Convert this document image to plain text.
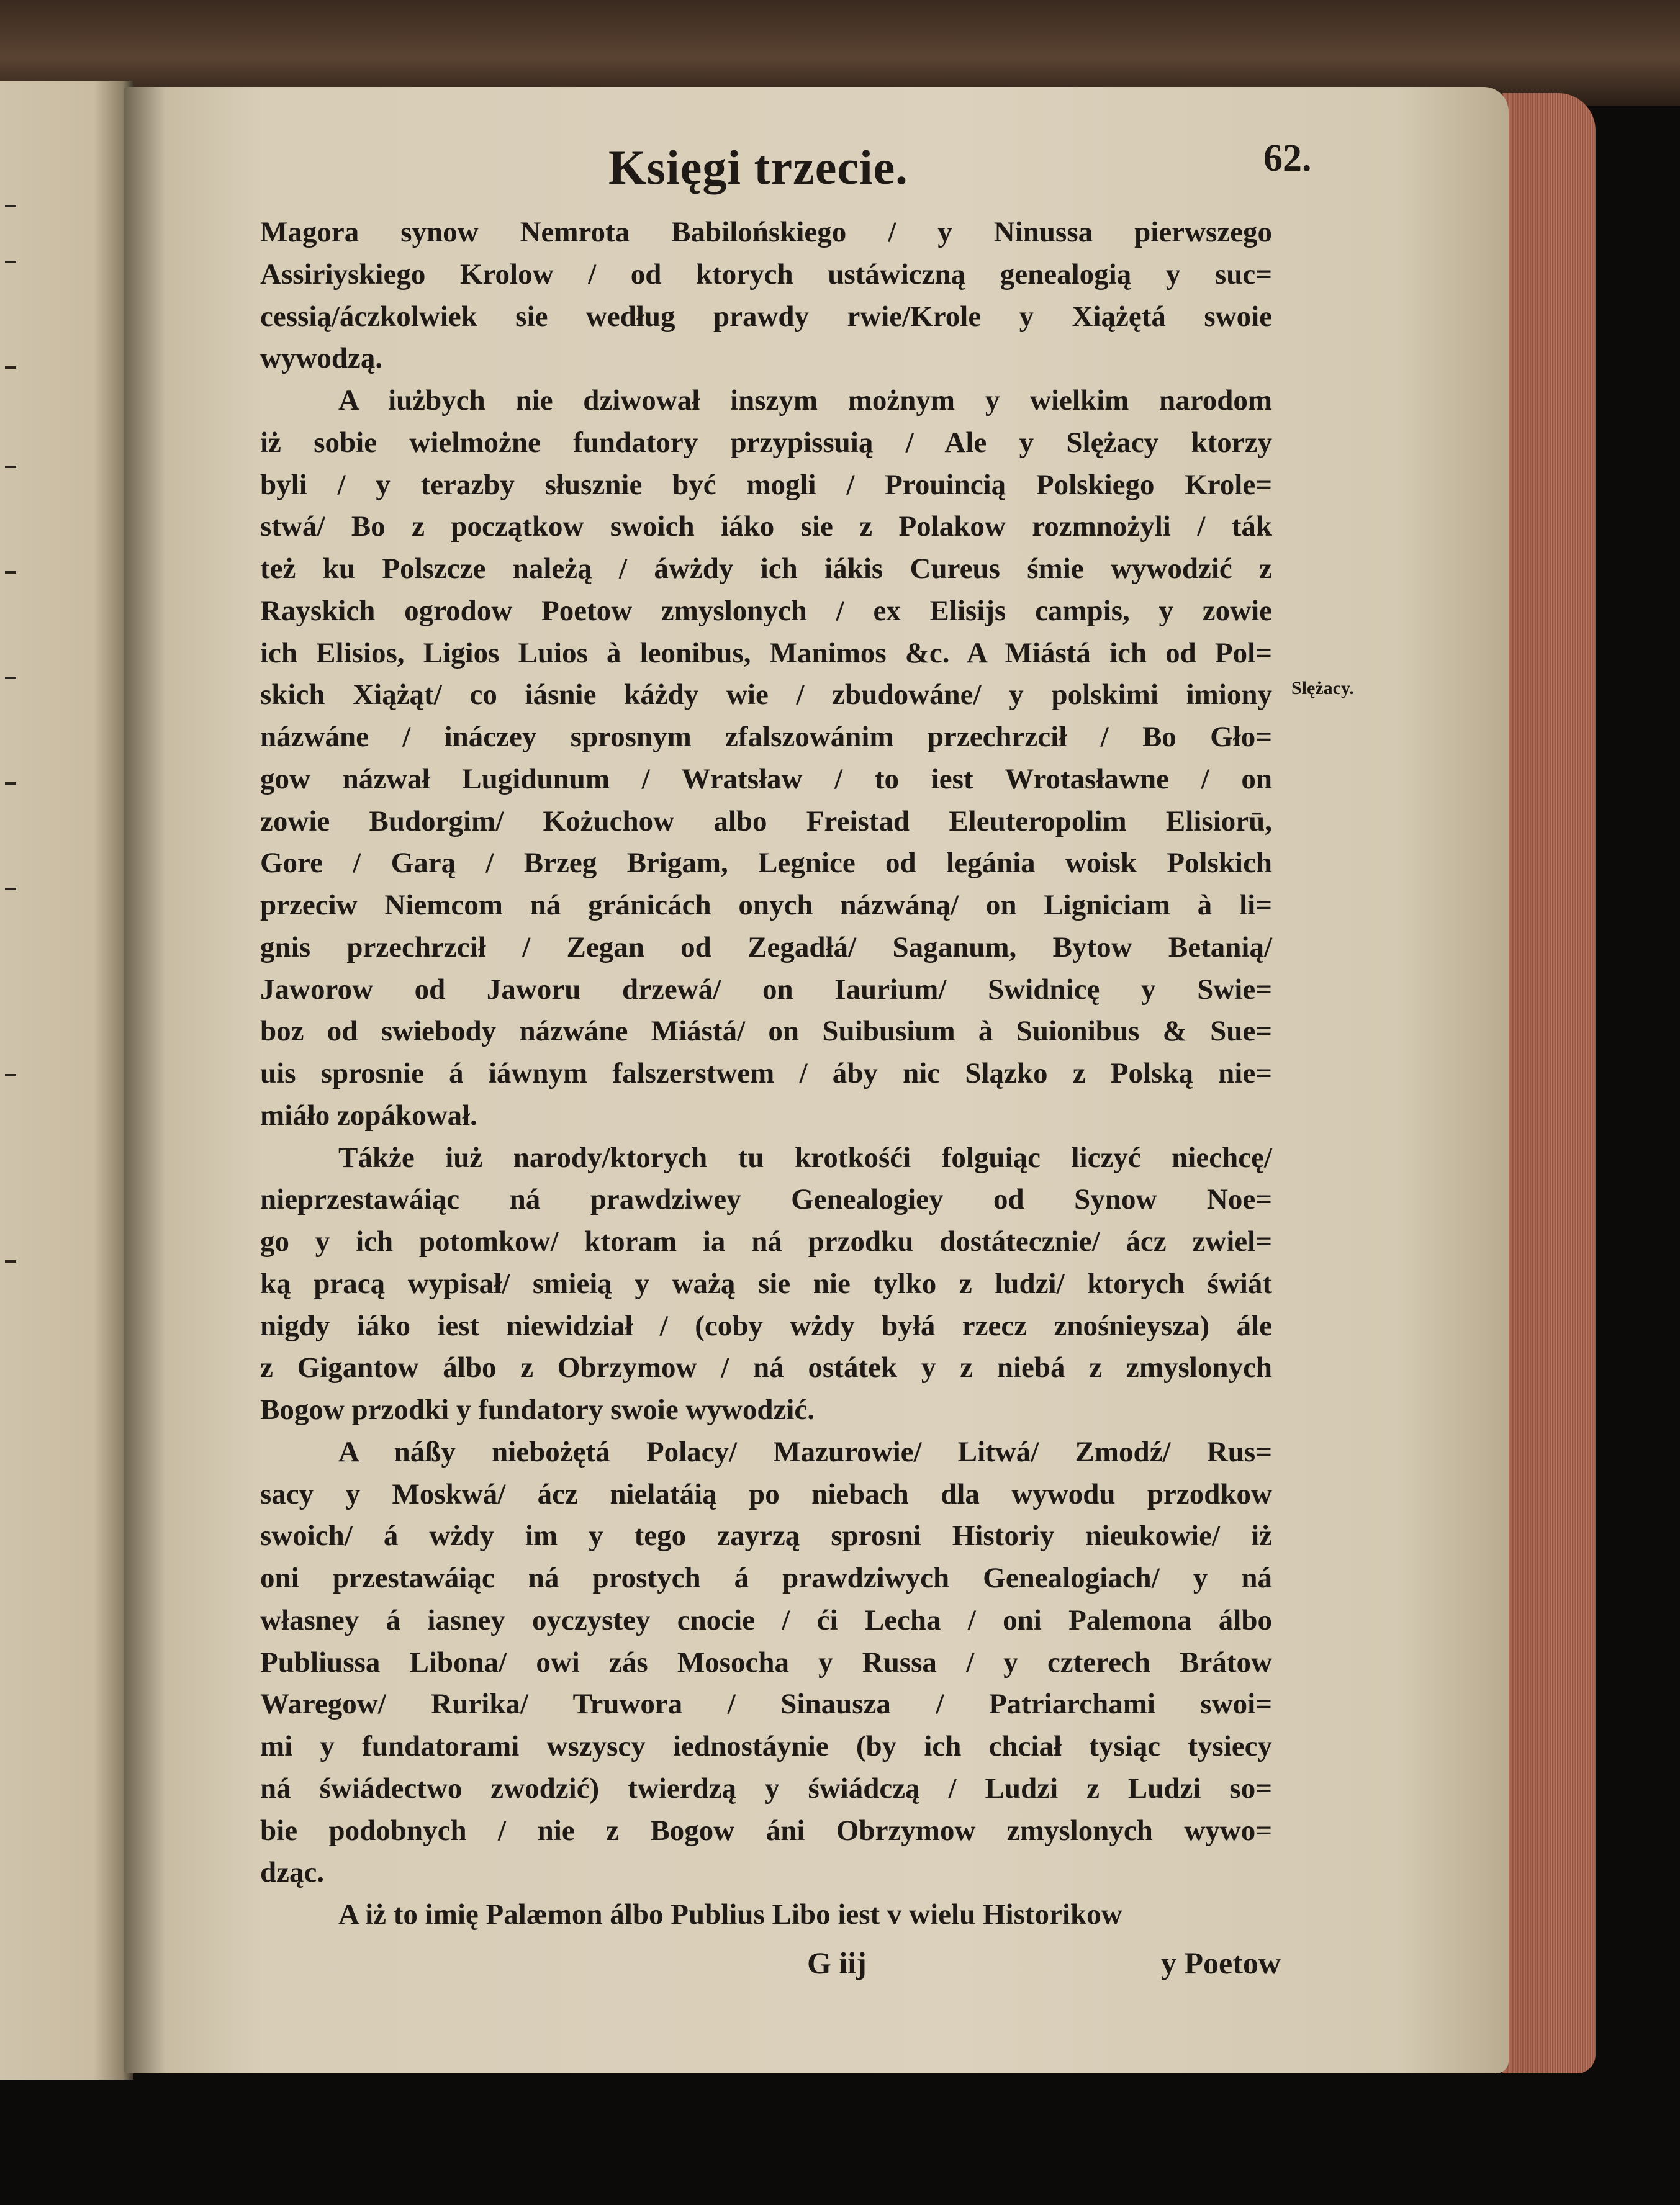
Księgi trzecie.	62.
Slężacy.
Magora synow Nemrota Babilońskiego / y Ninussa pierwszego
Assiriyskiego Krolow / od ktorych ustáwiczną genealogią y suc=
cessią/áczkolwiek sie według prawdy rwie/Krole y Xiążętá swoie
wywodzą.
A iużbych nie dziwował inszym możnym y wielkim narodom
iż sobie wielmożne fundatory przypissuią / Ale y Slężacy ktorzy
byli / y terazby słusznie być mogli / Prouincią Polskiego Krole=
stwá/ Bo z początkow swoich iáko sie z Polakow rozmnożyli / ták
też ku Polszcze należą / áwżdy ich iákis Cureus śmie wywodzić z
Rayskich ogrodow Poetow zmyslonych / ex Elisijs campis, y zowie
ich Elisios, Ligios Luios à leonibus, Manimos &c. A Miástá ich od Pol=
skich Xiążąt/ co iásnie káżdy wie / zbudowáne/ y polskimi imiony
názwáne / ináczey sprosnym zfalszowánim przechrzcił / Bo Gło=
gow názwał Lugidunum / Wratsław / to iest Wrotasławne / on
zowie Budorgim/ Kożuchow albo Freistad Eleuteropolim Elisiorū,
Gore / Garą / Brzeg Brigam, Legnice od legánia woisk Polskich
przeciw Niemcom ná gránicách onych názwáną/ on Ligniciam à li=
gnis przechrzcił / Zegan od Zegadłá/ Saganum, Bytow Betanią/
Jaworow od Jaworu drzewá/ on Iaurium/ Swidnicę y Swie=
boz od swiebody názwáne Miástá/ on Suibusium à Suionibus & Sue=
uis sprosnie á iáwnym falszerstwem / áby nic Slązko z Polską nie=
miáło zopákował.
Tákże iuż narody/ktorych tu krotkośći folguiąc liczyć niechcę/
nieprzestawáiąc ná prawdziwey Genealogiey od Synow Noe=
go y ich potomkow/ ktoram ia ná przodku dostátecznie/ ácz zwiel=
ką pracą wypisał/ smieią y ważą sie nie tylko z ludzi/ ktorych świát
nigdy iáko iest niewidział / (coby wżdy byłá rzecz znośnieysza) ále
z Gigantow álbo z Obrzymow / ná ostátek y z niebá z zmyslonych
Bogow przodki y fundatory swoie wywodzić.
A náßy niebożętá Polacy/ Mazurowie/ Litwá/ Zmodź/ Rus=
sacy y Moskwá/ ácz nielatáią po niebach dla wywodu przodkow
swoich/ á wżdy im y tego zayrzą sprosni Historiy nieukowie/ iż
oni przestawáiąc ná prostych á prawdziwych Genealogiach/ y ná
własney á iasney oyczystey cnocie / ći Lecha / oni Palemona álbo
Publiussa Libona/ owi zás Mosocha y Russa / y czterech Brátow
Waregow/ Rurika/ Truwora / Sinausza / Patriarchami swoi=
mi y fundatorami wszyscy iednostáynie (by ich chciał tysiąc tysiecy
ná świádectwo zwodzić) twierdzą y świádczą / Ludzi z Ludzi so=
bie podobnych / nie z Bogow áni Obrzymow zmyslonych wywo=
dząc.
A iż to imię Palæmon álbo Publius Libo iest v wielu Historikow
G iij	y Poetow
